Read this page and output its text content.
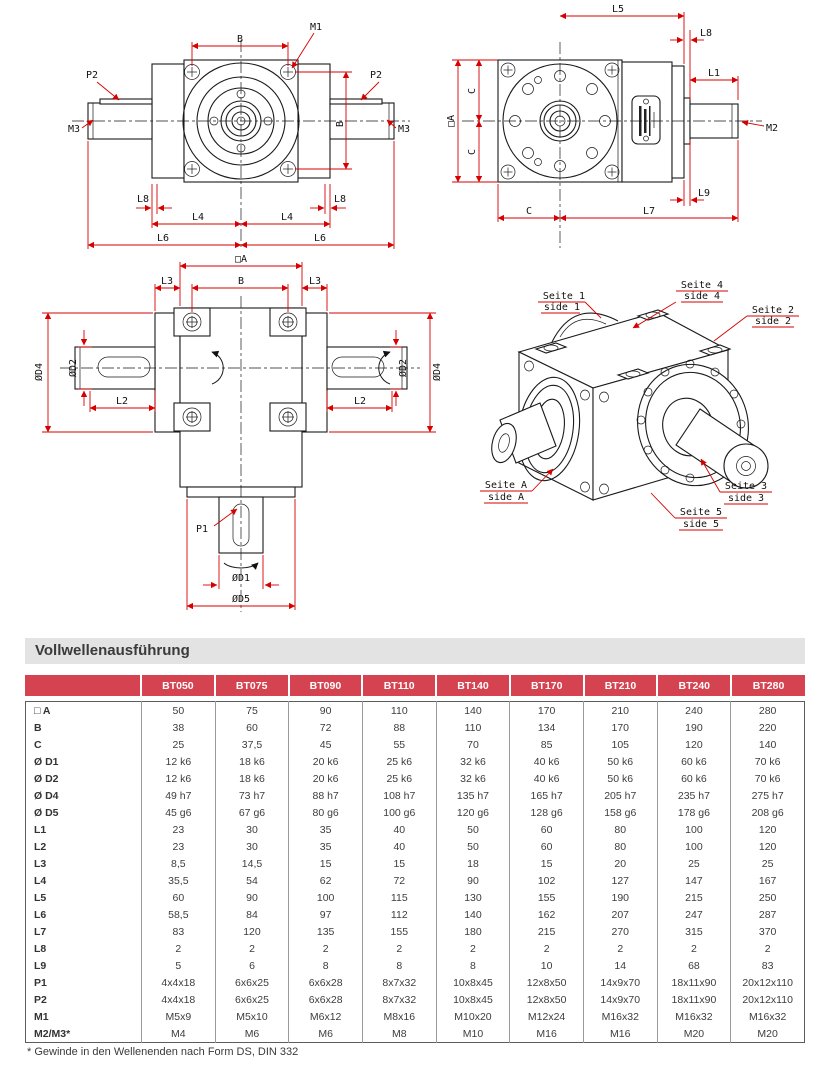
B
M1
P2	P2
M3	M3
B
L8	L8
L4	L4
L6	L6
L5
L8
L1
M2
□A
C
C
L9
C	L7
□A
B
L3	L3
ØD4 ØD2	ØD2 ØD4
L2	L2
P1
ØD1
ØD5
Seite 1
side 1
Seite 4
side 4
Seite 2
side 2
Seite A
side A
Seite 3
side 3
Seite 5
side 5
Vollwellenausführung
	BT050	BT075	BT090	BT110	BT140	BT170	BT210	BT240	BT280
□ A	50	75	90	110	140	170	210	240	280
B	38	60	72	88	110	134	170	190	220
C	25	37,5	45	55	70	85	105	120	140
Ø D1	12 k6	18 k6	20 k6	25 k6	32 k6	40 k6	50 k6	60 k6	70 k6
Ø D2	12 k6	18 k6	20 k6	25 k6	32 k6	40 k6	50 k6	60 k6	70 k6
Ø D4	49 h7	73 h7	88 h7	108 h7	135 h7	165 h7	205 h7	235 h7	275 h7
Ø D5	45 g6	67 g6	80 g6	100 g6	120 g6	128 g6	158 g6	178 g6	208 g6
L1	23	30	35	40	50	60	80	100	120
L2	23	30	35	40	50	60	80	100	120
L3	8,5	14,5	15	15	18	15	20	25	25
L4	35,5	54	62	72	90	102	127	147	167
L5	60	90	100	115	130	155	190	215	250
L6	58,5	84	97	112	140	162	207	247	287
L7	83	120	135	155	180	215	270	315	370
L8	2	2	2	2	2	2	2	2	2
L9	5	6	8	8	8	10	14	68	83
P1	4x4x18	6x6x25	6x6x28	8x7x32	10x8x45	12x8x50	14x9x70	18x11x90	20x12x110
P2	4x4x18	6x6x25	6x6x28	8x7x32	10x8x45	12x8x50	14x9x70	18x11x90	20x12x110
M1	M5x9	M5x10	M6x12	M8x16	M10x20	M12x24	M16x32	M16x32	M16x32
M2/M3*	M4	M6	M6	M8	M10	M16	M16	M20	M20
* Gewinde in den Wellenenden nach Form DS, DIN 332
